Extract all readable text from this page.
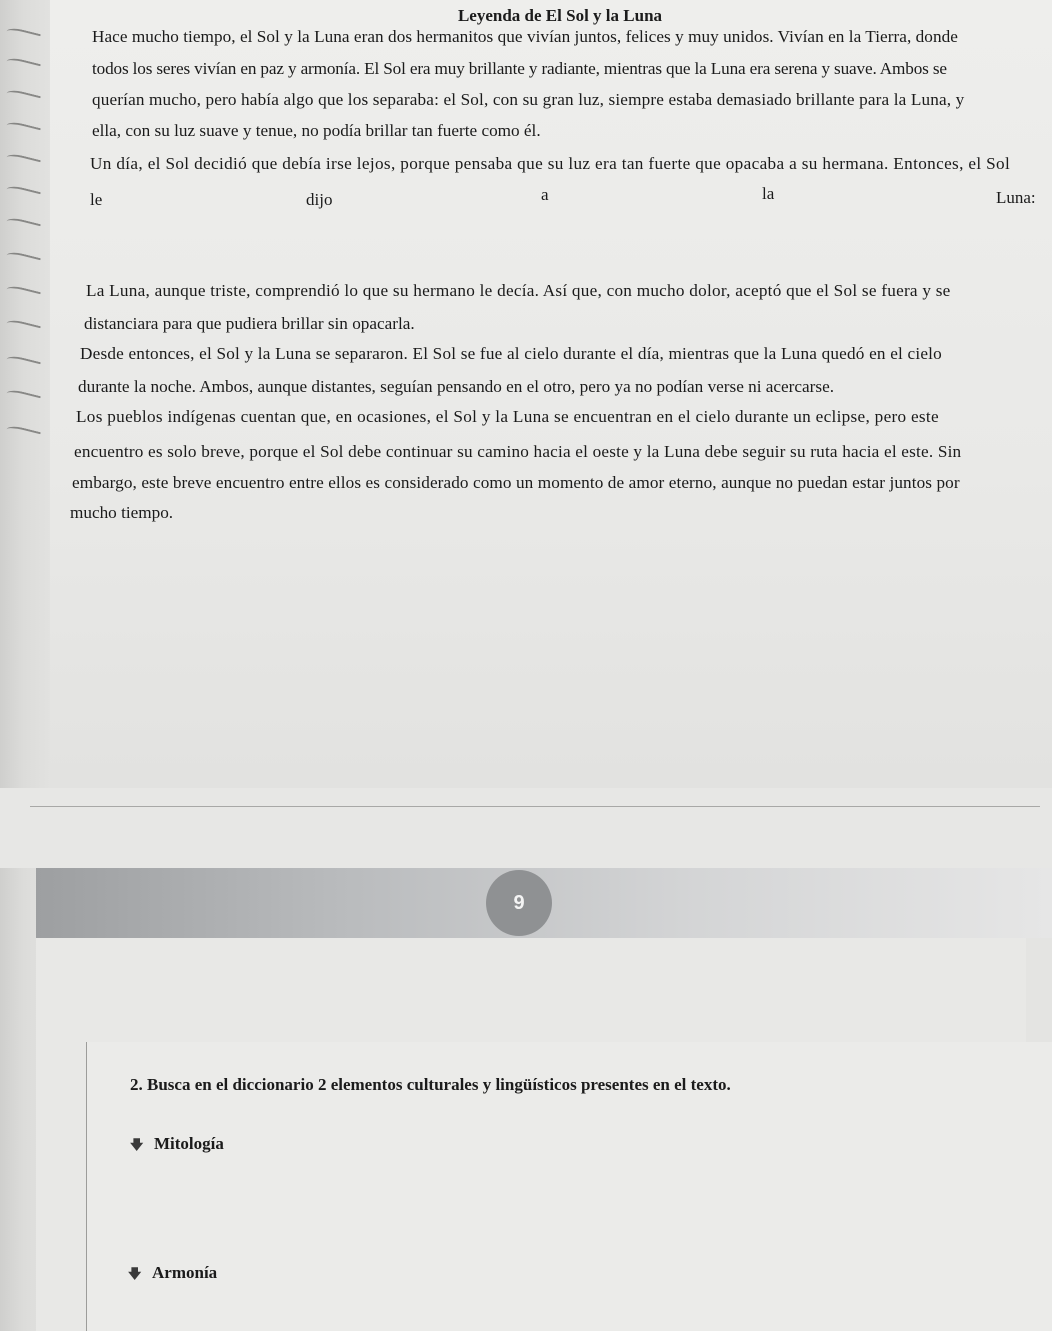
Leyenda de El Sol y la Luna
Hace mucho tiempo, el Sol y la Luna eran dos hermanitos que vivían juntos, felices y muy unidos. Vivían en la Tierra, donde
todos los seres vivían en paz y armonía. El Sol era muy brillante y radiante, mientras que la Luna era serena y suave. Ambos se
querían mucho, pero había algo que los separaba: el Sol, con su gran luz, siempre estaba demasiado brillante para la Luna, y
ella, con su luz suave y tenue, no podía brillar tan fuerte como él.
Un día, el Sol decidió que debía irse lejos, porque pensaba que su luz era tan fuerte que opacaba a su hermana. Entonces, el Sol
le	dijo	a	la	Luna:
La Luna, aunque triste, comprendió lo que su hermano le decía. Así que, con mucho dolor, aceptó que el Sol se fuera y se
distanciara para que pudiera brillar sin opacarla.
Desde entonces, el Sol y la Luna se separaron. El Sol se fue al cielo durante el día, mientras que la Luna quedó en el cielo
durante la noche. Ambos, aunque distantes, seguían pensando en el otro, pero ya no podían verse ni acercarse.
Los pueblos indígenas cuentan que, en ocasiones, el Sol y la Luna se encuentran en el cielo durante un eclipse, pero este
encuentro es solo breve, porque el Sol debe continuar su camino hacia el oeste y la Luna debe seguir su ruta hacia el este. Sin
embargo, este breve encuentro entre ellos es considerado como un momento de amor eterno, aunque no puedan estar juntos por
mucho tiempo.
9
2. Busca en el diccionario 2 elementos culturales y lingüísticos presentes en el texto.
🡇 Mitología
🡇 Armonía
